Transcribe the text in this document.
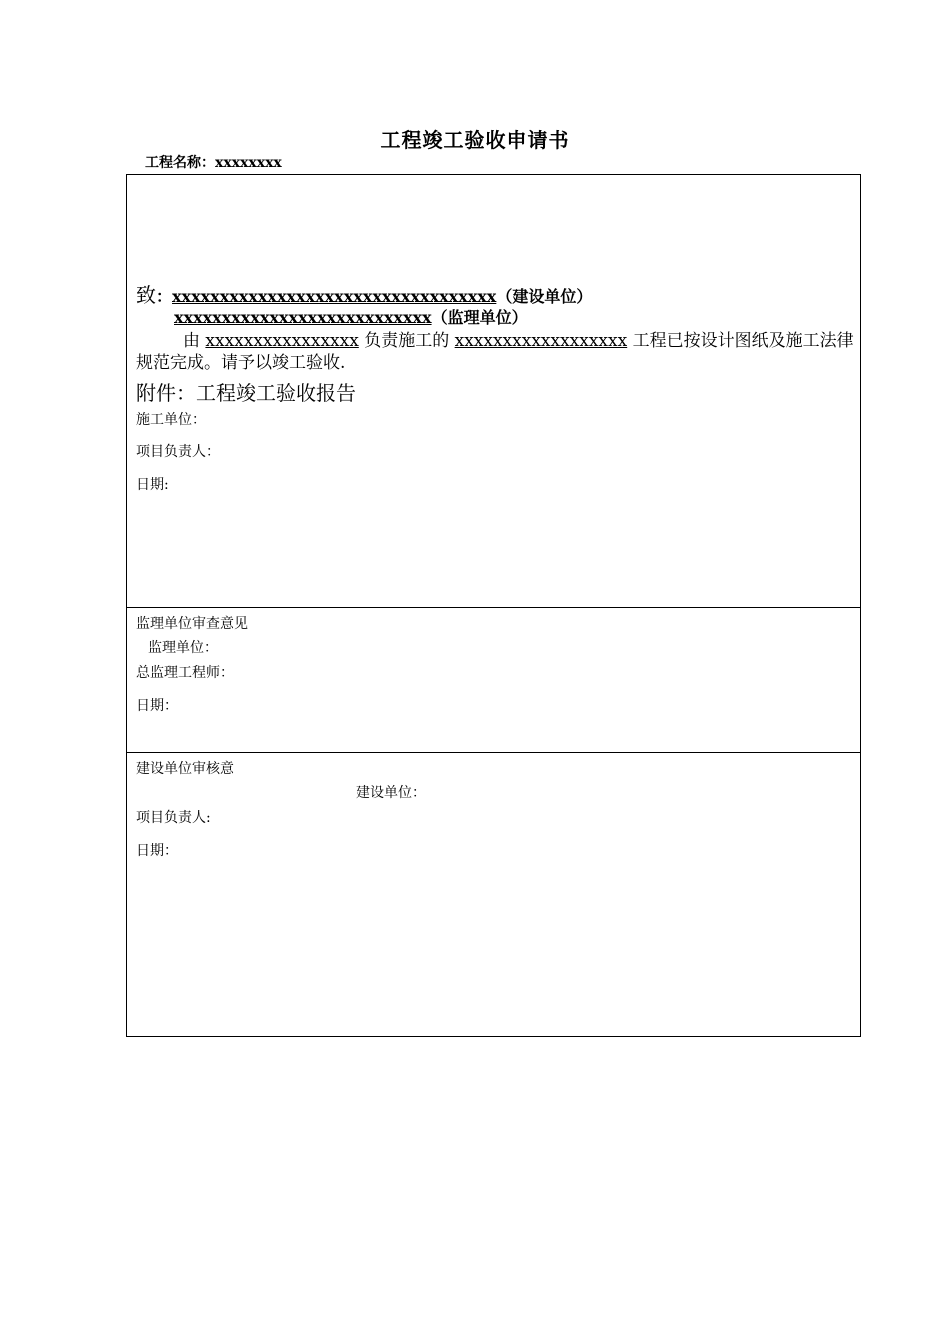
工程竣工验收申请书
工程名称：xxxxxxxx
致：xxxxxxxxxxxxxxxxxxxxxxxxxxxxxxxxxx（建设单位）
xxxxxxxxxxxxxxxxxxxxxxxxxxx（监理单位）
由 xxxxxxxxxxxxxxxx 负责施工的 xxxxxxxxxxxxxxxxxx 工程已按设计图纸及施工法律规范完成。请予以竣工验收.
附件：工程竣工验收报告
施工单位：
项目负责人：
日期:
监理单位审查意见
监理单位：
总监理工程师：
日期：
建设单位审核意
建设单位：
项目负责人:
日期：
